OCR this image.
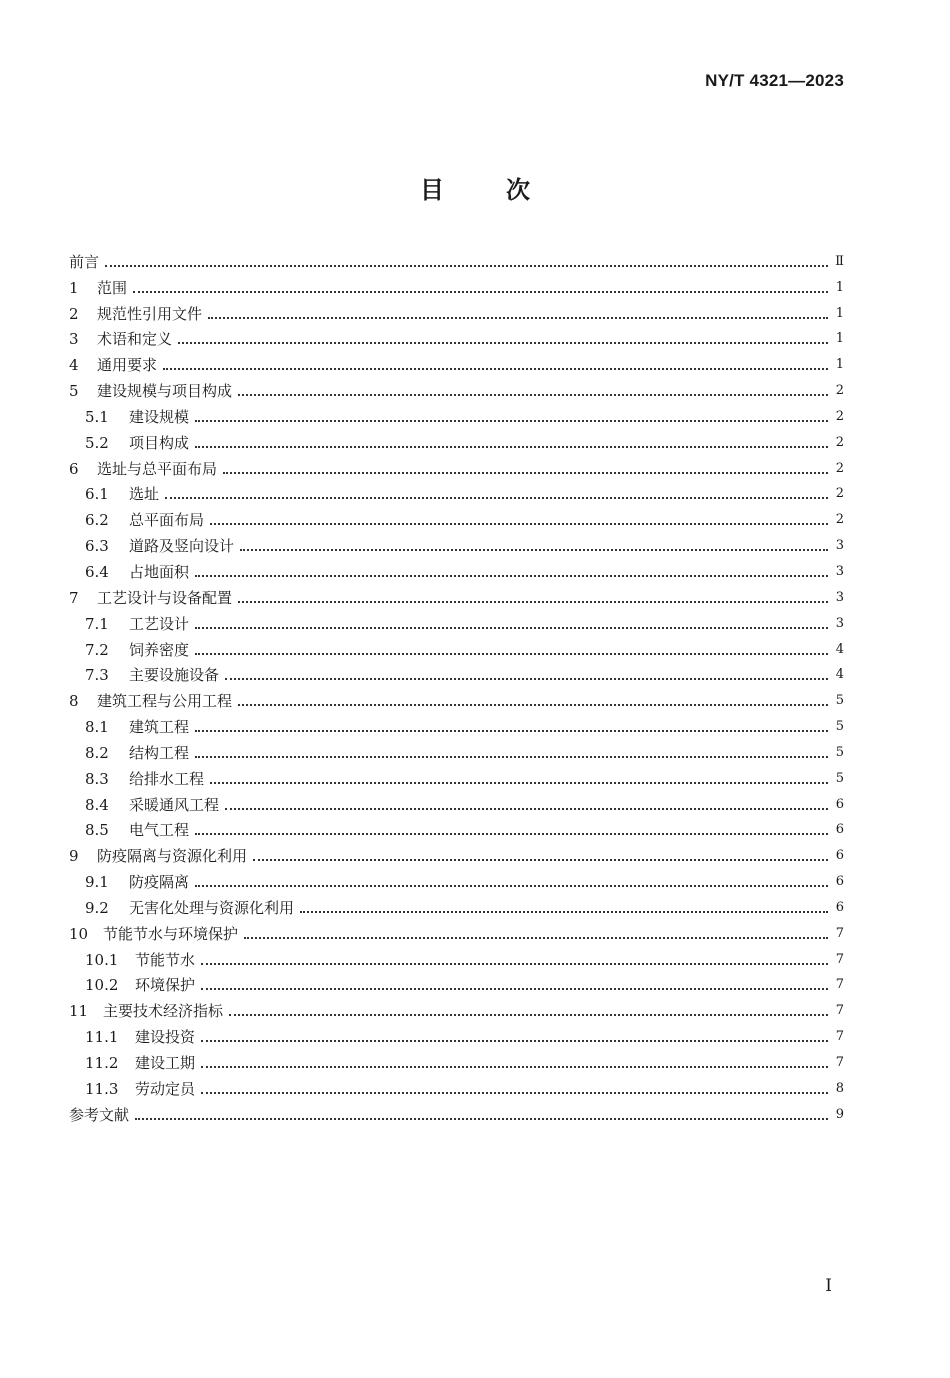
NY/T 4321—2023
目次
前言	Ⅱ
1 范围	1
2 规范性引用文件	1
3 术语和定义	1
4 通用要求	1
5 建设规模与项目构成	2
5.1	建设规模	2
5.2	项目构成	2
6 选址与总平面布局	2
6.1	选址	2
6.2	总平面布局	2
6.3	道路及竖向设计	3
6.4	占地面积	3
7 工艺设计与设备配置	3
7.1	工艺设计	3
7.2	饲养密度	4
7.3	主要设施设备	4
8 建筑工程与公用工程	5
8.1	建筑工程	5
8.2	结构工程	5
8.3	给排水工程	5
8.4	采暖通风工程	6
8.5	电气工程	6
9 防疫隔离与资源化利用	6
9.1	防疫隔离	6
9.2	无害化处理与资源化利用	6
10 节能节水与环境保护	7
10.1 节能节水	7
10.2 环境保护	7
11 主要技术经济指标	7
11.1 建设投资	7
11.2 建设工期	7
11.3 劳动定员	8
参考文献	9
I
